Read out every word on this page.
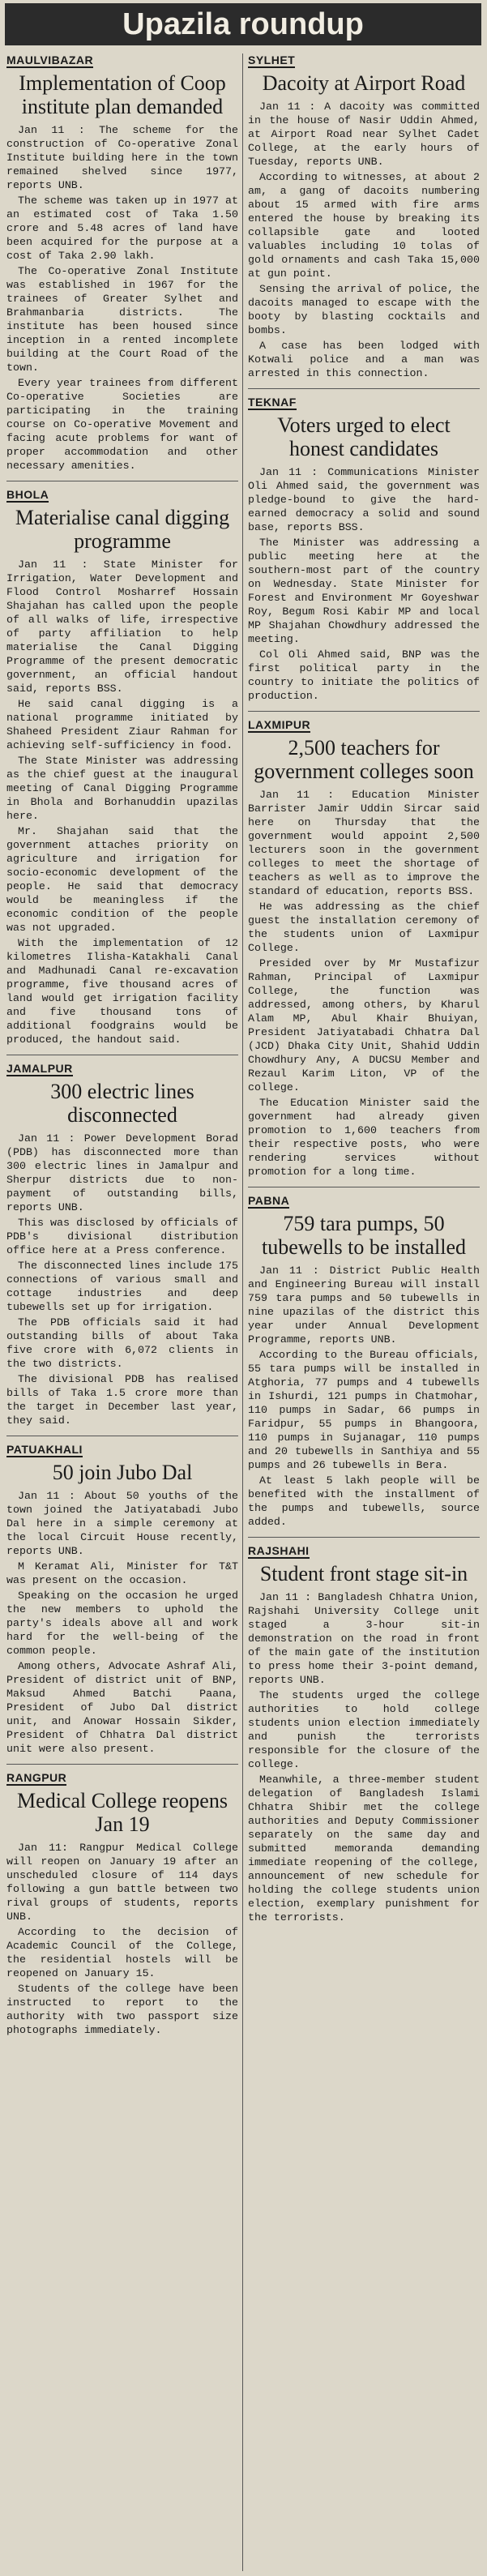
Upazila roundup
MAULVIBAZAR
Implementation of Coop institute plan demanded

Jan 11 : The scheme for the construction of Co-operative Zonal Institute building here in the town remained shelved since 1977, reports UNB.

The scheme was taken up in 1977 at an estimated cost of Taka 1.50 crore and 5.48 acres of land have been acquired for the purpose at a cost of Taka 2.90 lakh.

The Co-operative Zonal Institute was established in 1967 for the trainees of Greater Sylhet and Brahmanbaria districts. The institute has been housed since inception in a rented incomplete building at the Court Road of the town.

Every year trainees from different Co-operative Societies are participating in the training course on Co-operative Movement and facing acute problems for want of proper accommodation and other necessary amenities.

BHOLA
Materialise canal digging programme

Jan 11 : State Minister for Irrigation, Water Development and Flood Control Mosharref Hossain Shajahan has called upon the people of all walks of life, irrespective of party affiliation to help materialise the Canal Digging Programme of the present democratic government, an official handout said, reports BSS.

He said canal digging is a national programme initiated by Shaheed President Ziaur Rahman for achieving self-sufficiency in food.

The State Minister was addressing as the chief guest at the inaugural meeting of Canal Digging Programme in Bhola and Borhanuddin upazilas here.

Mr. Shajahan said that the government attaches priority on agriculture and irrigation for socio-economic development of the people. He said that democracy would be meaningless if the economic condition of the people was not upgraded.

With the implementation of 12 kilometres Ilisha-Katakhali Canal and Madhunadi Canal re-excavation programme, five thousand acres of land would get irrigation facility and five thousand tons of additional foodgrains would be produced, the handout said.

JAMALPUR
300 electric lines disconnected

Jan 11 : Power Development Borad (PDB) has disconnected more than 300 electric lines in Jamalpur and Sherpur districts due to non-payment of outstanding bills, reports UNB.

This was disclosed by officials of PDB's divisional distribution office here at a Press conference.

The disconnected lines include 175 connections of various small and cottage industries and deep tubewells set up for irrigation.

The PDB officials said it had outstanding bills of about Taka five crore with 6,072 clients in the two districts.

The divisional PDB has realised bills of Taka 1.5 crore more than the target in December last year, they said.

PATUAKHALI
50 join Jubo Dal

Jan 11 : About 50 youths of the town joined the Jatiyatabadi Jubo Dal here in a simple ceremony at the local Circuit House recently, reports UNB.

M Keramat Ali, Minister for T&T was present on the occasion.

Speaking on the occasion he urged the new members to uphold the party's ideals above all and work hard for the well-being of the common people.

Among others, Advocate Ashraf Ali, President of district unit of BNP, Maksud Ahmed Batchi Paana, President of Jubo Dal district unit, and Anowar Hossain Sikder, President of Chhatra Dal district unit were also present.

RANGPUR
Medical College reopens Jan 19

Jan 11: Rangpur Medical College will reopen on January 19 after an unscheduled closure of 114 days following a gun battle between two rival groups of students, reports UNB.

According to the decision of Academic Council of the College, the residential hostels will be reopened on January 15.

Students of the college have been instructed to report to the authority with two passport size photographs immediately.

SYLHET
Dacoity at Airport Road

Jan 11 : A dacoity was committed in the house of Nasir Uddin Ahmed, at Airport Road near Sylhet Cadet College, at the early hours of Tuesday, reports UNB.

According to witnesses, at about 2 am, a gang of dacoits numbering about 15 armed with fire arms entered the house by breaking its collapsible gate and looted valuables including 10 tolas of gold ornaments and cash Taka 15,000 at gun point.

Sensing the arrival of police, the dacoits managed to escape with the booty by blasting cocktails and bombs.

A case has been lodged with Kotwali police and a man was arrested in this connection.

TEKNAF
Voters urged to elect honest candidates

Jan 11 : Communications Minister Oli Ahmed said, the government was pledge-bound to give the hard-earned democracy a solid and sound base, reports BSS.

The Minister was addressing a public meeting here at the southern-most part of the country on Wednesday. State Minister for Forest and Environment Mr Goyeshwar Roy, Begum Rosi Kabir MP and local MP Shajahan Chowdhury addressed the meeting.

Col Oli Ahmed said, BNP was the first political party in the country to initiate the politics of production.

LAXMIPUR
2,500 teachers for government colleges soon

Jan 11 : Education Minister Barrister Jamir Uddin Sircar said here on Thursday that the government would appoint 2,500 lecturers soon in the government colleges to meet the shortage of teachers as well as to improve the standard of education, reports BSS.

He was addressing as the chief guest the installation ceremony of the students union of Laxmipur College.

Presided over by Mr Mustafizur Rahman, Principal of Laxmipur College, the function was addressed, among others, by Kharul Alam MP, Abul Khair Bhuiyan, President Jatiyatabadi Chhatra Dal (JCD) Dhaka City Unit, Shahid Uddin Chowdhury Any, A DUCSU Member and Rezaul Karim Liton, VP of the college.

The Education Minister said the government had already given promotion to 1,600 teachers from their respective posts, who were rendering services without promotion for a long time.

PABNA
759 tara pumps, 50 tubewells to be installed

Jan 11 : District Public Health and Engineering Bureau will install 759 tara pumps and 50 tubewells in nine upazilas of the district this year under Annual Development Programme, reports UNB.

According to the Bureau officials, 55 tara pumps will be installed in Atghoria, 77 pumps and 4 tubewells in Ishurdi, 121 pumps in Chatmohar, 110 pumps in Sadar, 66 pumps in Faridpur, 55 pumps in Bhangoora, 110 pumps in Sujanagar, 110 pumps and 20 tubewells in Santhiya and 55 pumps and 26 tubewells in Bera.

At least 5 lakh people will be benefited with the installment of the pumps and tubewells, source added.

RAJSHAHI
Student front stage sit-in

Jan 11 : Bangladesh Chhatra Union, Rajshahi University College unit staged a 3-hour sit-in demonstration on the road in front of the main gate of the institution to press home their 3-point demand, reports UNB.

The students urged the college authorities to hold college students union election immediately and punish the terrorists responsible for the closure of the college.

Meanwhile, a three-member student delegation of Bangladesh Islami Chhatra Shibir met the college authorities and Deputy Commissioner separately on the same day and submitted memoranda demanding immediate reopening of the college, announcement of new schedule for holding the college students union election, exemplary punishment for the terrorists.
